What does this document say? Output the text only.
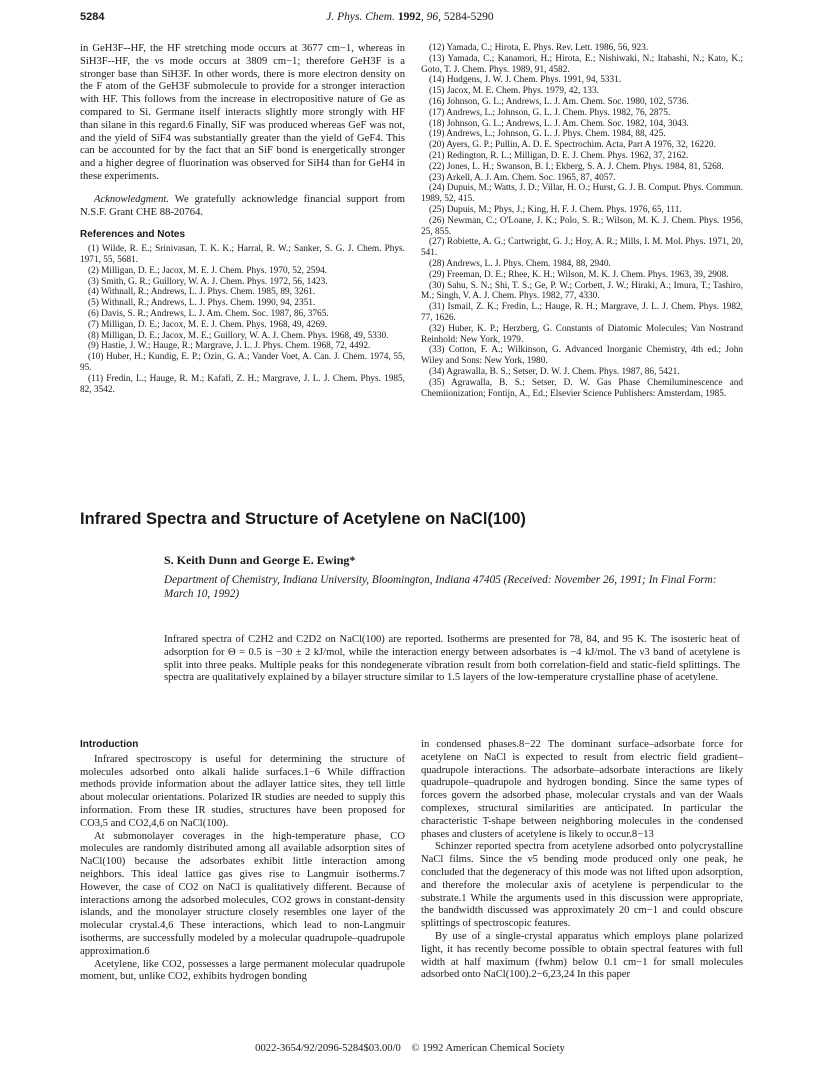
5284	J. Phys. Chem. 1992, 96, 5284-5290

in GeH3F--HF, the HF stretching mode occurs at 3677 cm−1, whereas in SiH3F--HF, the νs mode occurs at 3809 cm−1; therefore GeH3F is a stronger base than SiH3F. In other words, there is more electron density on the F atom of the GeH3F submolecule to provide for a stronger interaction with HF. This follows from the increase in electropositive nature of Ge as compared to Si. Germane itself interacts slightly more strongly with HF than silane in this regard.6 Finally, SiF was produced whereas GeF was not, and the yield of SiF4 was substantially greater than the yield of GeF4. This can be accounted for by the fact that an SiF bond is energetically stronger and a higher degree of fluorination was observed for SiH4 than for GeH4 in these experiments.

Acknowledgment. We gratefully acknowledge financial support from N.S.F. Grant CHE 88-20764.

References and Notes

(1) Wilde, R. E.; Srinivasan, T. K. K.; Harral, R. W.; Sanker, S. G. J. Chem. Phys. 1971, 55, 5681.

(2) Milligan, D. E.; Jacox, M. E. J. Chem. Phys. 1970, 52, 2594.

(3) Smith, G. R.; Guillory, W. A. J. Chem. Phys. 1972, 56, 1423.

(4) Withnall, R.; Andrews, L. J. Phys. Chem. 1985, 89, 3261.

(5) Withnall, R.; Andrews, L. J. Phys. Chem. 1990, 94, 2351.

(6) Davis, S. R.; Andrews, L. J. Am. Chem. Soc. 1987, 86, 3765.

(7) Milligan, D. E.; Jacox, M. E. J. Chem. Phys. 1968, 49, 4269.

(8) Milligan, D. E.; Jacox, M. E.; Guillory, W. A. J. Chem. Phys. 1968, 49, 5330.

(9) Hastie, J. W.; Hauge, R.; Margrave, J. L. J. Phys. Chem. 1968, 72, 4492.

(10) Huber, H.; Kundig, E. P.; Ozin, G. A.; Vander Voet, A. Can. J. Chem. 1974, 55, 95.

(11) Fredin, L.; Hauge, R. M.; Kafafi, Z. H.; Margrave, J. L. J. Chem. Phys. 1985, 82, 3542.

(12) Yamada, C.; Hirota, E. Phys. Rev. Lett. 1986, 56, 923.

(13) Yamada, C.; Kanamori, H.; Hirota, E.; Nishiwaki, N.; Itabashi, N.; Kato, K.; Goto, T. J. Chem. Phys. 1989, 91, 4582.

(14) Hudgens, J. W. J. Chem. Phys. 1991, 94, 5331.

(15) Jacox, M. E. Chem. Phys. 1979, 42, 133.

(16) Johnson, G. L.; Andrews, L. J. Am. Chem. Soc. 1980, 102, 5736.

(17) Andrews, L.; Johnson, G. L. J. Chem. Phys. 1982, 76, 2875.

(18) Johnson, G. L.; Andrews, L. J. Am. Chem. Soc. 1982, 104, 3043.

(19) Andrews, L.; Johnson, G. L. J. Phys. Chem. 1984, 88, 425.

(20) Ayers, G. P.; Pullin, A. D. E. Spectrochim. Acta, Part A 1976, 32, 16220.

(21) Redington, R. L.; Milligan, D. E. J. Chem. Phys. 1962, 37, 2162.

(22) Jones, L. H.; Swanson, B. I.; Ekberg, S. A. J. Chem. Phys. 1984, 81, 5268.

(23) Arkell, A. J. Am. Chem. Soc. 1965, 87, 4057.

(24) Dupuis, M.; Watts, J. D.; Villar, H. O.; Hurst, G. J. B. Comput. Phys. Commun. 1989, 52, 415.

(25) Dupuis, M.; Phys, J.; King, H. F. J. Chem. Phys. 1976, 65, 111.

(26) Newman, C.; O'Loane, J. K.; Polo, S. R.; Wilson, M. K. J. Chem. Phys. 1956, 25, 855.

(27) Robiette, A. G.; Cartwright, G. J.; Hoy, A. R.; Mills, I. M. Mol. Phys. 1971, 20, 541.

(28) Andrews, L. J. Phys. Chem. 1984, 88, 2940.

(29) Freeman, D. E.; Rhee, K. H.; Wilson, M. K. J. Chem. Phys. 1963, 39, 2908.

(30) Sahu, S. N.; Shi, T. S.; Ge, P. W.; Corbett, J. W.; Hiraki, A.; Imura, T.; Tashiro, M.; Singh, V. A. J. Chem. Phys. 1982, 77, 4330.

(31) Ismail, Z. K.; Fredin, L.; Hauge, R. H.; Margrave, J. L. J. Chem. Phys. 1982, 77, 1626.

(32) Huber, K. P.; Herzberg, G. Constants of Diatomic Molecules; Van Nostrand Reinhold: New York, 1979.

(33) Cotton, F. A.; Wilkinson, G. Advanced Inorganic Chemistry, 4th ed.; John Wiley and Sons: New York, 1980.

(34) Agrawalla, B. S.; Setser, D. W. J. Chem. Phys. 1987, 86, 5421.

(35) Agrawalla, B. S.; Setser, D. W. Gas Phase Chemiluminescence and Chemiionization; Fontijn, A., Ed.; Elsevier Science Publishers: Amsterdam, 1985.

Infrared Spectra and Structure of Acetylene on NaCl(100)
S. Keith Dunn and George E. Ewing*
Department of Chemistry, Indiana University, Bloomington, Indiana 47405 (Received: November 26, 1991; In Final Form: March 10, 1992)
Infrared spectra of C2H2 and C2D2 on NaCl(100) are reported. Isotherms are presented for 78, 84, and 95 K. The isosteric heat of adsorption for Θ = 0.5 is −30 ± 2 kJ/mol, while the interaction energy between adsorbates is −4 kJ/mol. The ν3 band of acetylene is split into three peaks. Multiple peaks for this nondegenerate vibration result from both correlation-field and static-field splittings. The spectra are qualitatively explained by a bilayer structure similar to 1.5 layers of the low-temperature crystalline phase of acetylene.
Introduction

Infrared spectroscopy is useful for determining the structure of molecules adsorbed onto alkali halide surfaces.1−6 While diffraction methods provide information about the adlayer lattice sites, they tell little about molecular orientations. Polarized IR studies are needed to supply this information. From these IR studies, structures have been proposed for CO3,5 and CO2,4,6 on NaCl(100).

At submonolayer coverages in the high-temperature phase, CO molecules are randomly distributed among all available adsorption sites of NaCl(100) because the adsorbates exhibit little interaction among neighbors. This ideal lattice gas gives rise to Langmuir isotherms.7 However, the case of CO2 on NaCl is qualitatively different. Because of interactions among the adsorbed molecules, CO2 grows in constant-density islands, and the monolayer structure closely resembles one layer of the molecular crystal.4,6 These interactions, which lead to non-Langmuir isotherms, are successfully modeled by a molecular quadrupole–quadrupole approximation.6

Acetylene, like CO2, possesses a large permanent molecular quadrupole moment, but, unlike CO2, exhibits hydrogen bonding

in condensed phases.8−22 The dominant surface–adsorbate force for acetylene on NaCl is expected to result from electric field gradient–quadrupole interactions. The adsorbate–adsorbate interactions are likely quadrupole–quadrupole and hydrogen bonding. Since the same types of forces govern the adsorbed phase, molecular crystals and van der Waals complexes, structural similarities are anticipated. In particular the characteristic T-shape between neighboring molecules in the condensed phases and clusters of acetylene is likely to occur.8−13

Schinzer reported spectra from acetylene adsorbed onto polycrystalline NaCl films. Since the ν5 bending mode produced only one peak, he concluded that the degeneracy of this mode was not lifted upon adsorption, and therefore the molecular axis of acetylene is perpendicular to the substrate.1 While the arguments used in this discussion were appropriate, the bandwidth discussed was approximately 20 cm−1 and could obscure splittings of spectroscopic features.

By use of a single-crystal apparatus which employs plane polarized light, it has recently become possible to obtain spectral features with full width at half maximum (fwhm) below 0.1 cm−1 for small molecules adsorbed onto NaCl(100).2−6,23,24 In this paper

0022-3654/92/2096-5284$03.00/0 © 1992 American Chemical Society
